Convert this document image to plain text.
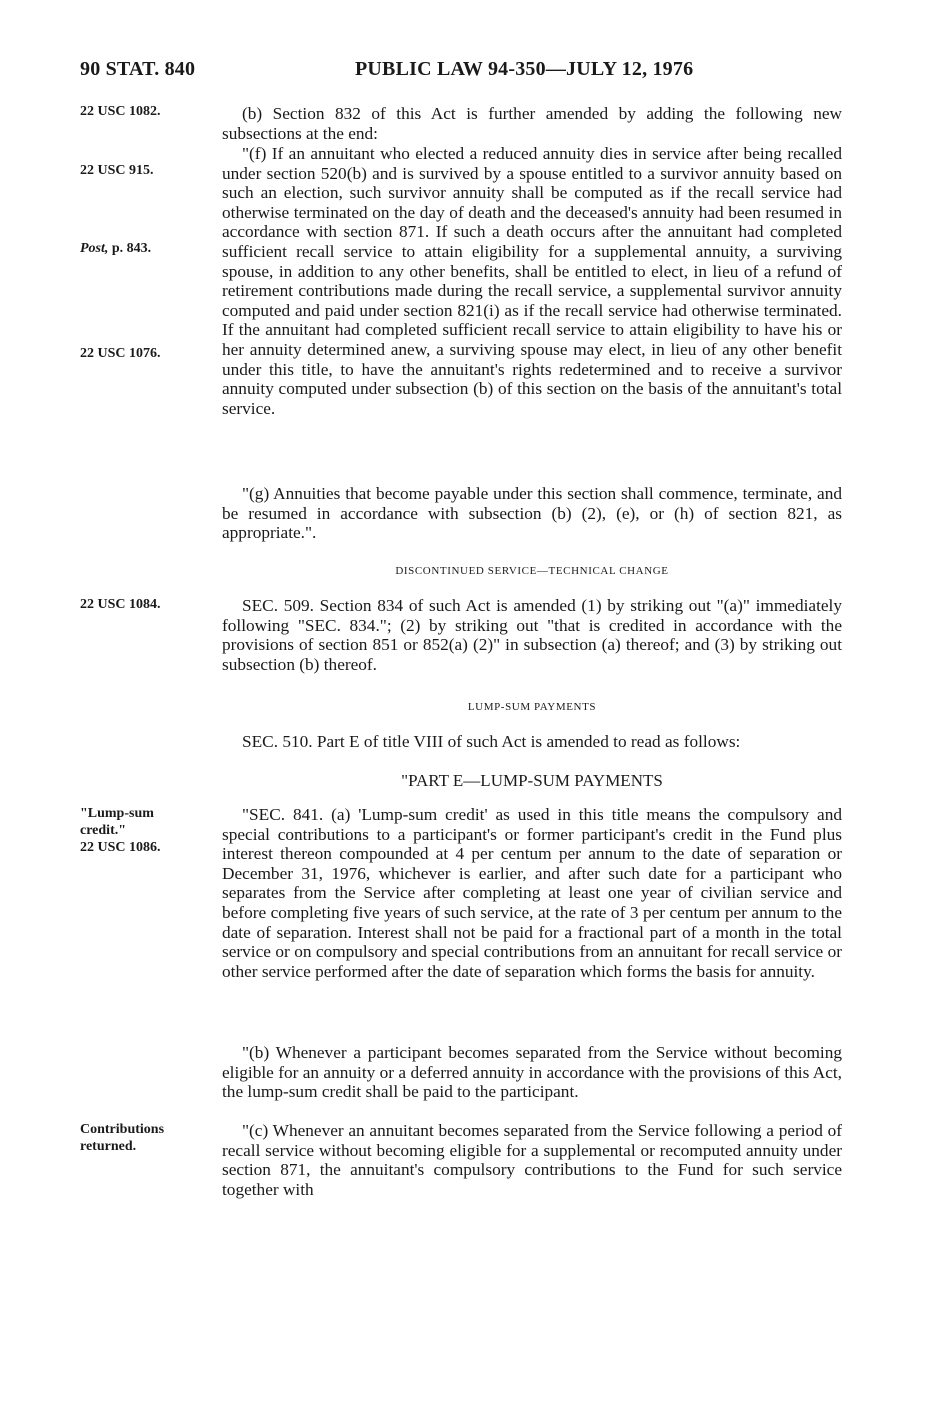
90 STAT. 840	PUBLIC LAW 94-350—JULY 12, 1976
22 USC 1082.
22 USC 915.
Post, p. 843.
22 USC 1076.
22 USC 1084.
"Lump-sum
credit."
22 USC 1086.
Contributions
returned.

(b) Section 832 of this Act is further amended by adding the following new subsections at the end:

"(f) If an annuitant who elected a reduced annuity dies in service after being recalled under section 520(b) and is survived by a spouse entitled to a survivor annuity based on such an election, such survivor annuity shall be computed as if the recall service had otherwise terminated on the day of death and the deceased's annuity had been resumed in accordance with section 871. If such a death occurs after the annuitant had completed sufficient recall service to attain eligibility for a supplemental annuity, a surviving spouse, in addition to any other benefits, shall be entitled to elect, in lieu of a refund of retirement contributions made during the recall service, a supplemental survivor annuity computed and paid under section 821(i) as if the recall service had otherwise terminated. If the annuitant had completed sufficient recall service to attain eligibility to have his or her annuity determined anew, a surviving spouse may elect, in lieu of any other benefit under this title, to have the annuitant's rights redetermined and to receive a survivor annuity computed under subsection (b) of this section on the basis of the annuitant's total service.

"(g) Annuities that become payable under this section shall commence, terminate, and be resumed in accordance with subsection (b) (2), (e), or (h) of section 821, as appropriate.".

DISCONTINUED SERVICE—TECHNICAL CHANGE

SEC. 509. Section 834 of such Act is amended (1) by striking out "(a)" immediately following "SEC. 834."; (2) by striking out "that is credited in accordance with the provisions of section 851 or 852(a) (2)" in subsection (a) thereof; and (3) by striking out subsection (b) thereof.

LUMP-SUM PAYMENTS

SEC. 510. Part E of title VIII of such Act is amended to read as follows:

"PART E—LUMP-SUM PAYMENTS

"SEC. 841. (a) 'Lump-sum credit' as used in this title means the compulsory and special contributions to a participant's or former participant's credit in the Fund plus interest thereon compounded at 4 per centum per annum to the date of separation or December 31, 1976, whichever is earlier, and after such date for a participant who separates from the Service after completing at least one year of civilian service and before completing five years of such service, at the rate of 3 per centum per annum to the date of separation. Interest shall not be paid for a fractional part of a month in the total service or on compulsory and special contributions from an annuitant for recall service or other service performed after the date of separation which forms the basis for annuity.

"(b) Whenever a participant becomes separated from the Service without becoming eligible for an annuity or a deferred annuity in accordance with the provisions of this Act, the lump-sum credit shall be paid to the participant.

"(c) Whenever an annuitant becomes separated from the Service following a period of recall service without becoming eligible for a supplemental or recomputed annuity under section 871, the annuitant's compulsory contributions to the Fund for such service together with
